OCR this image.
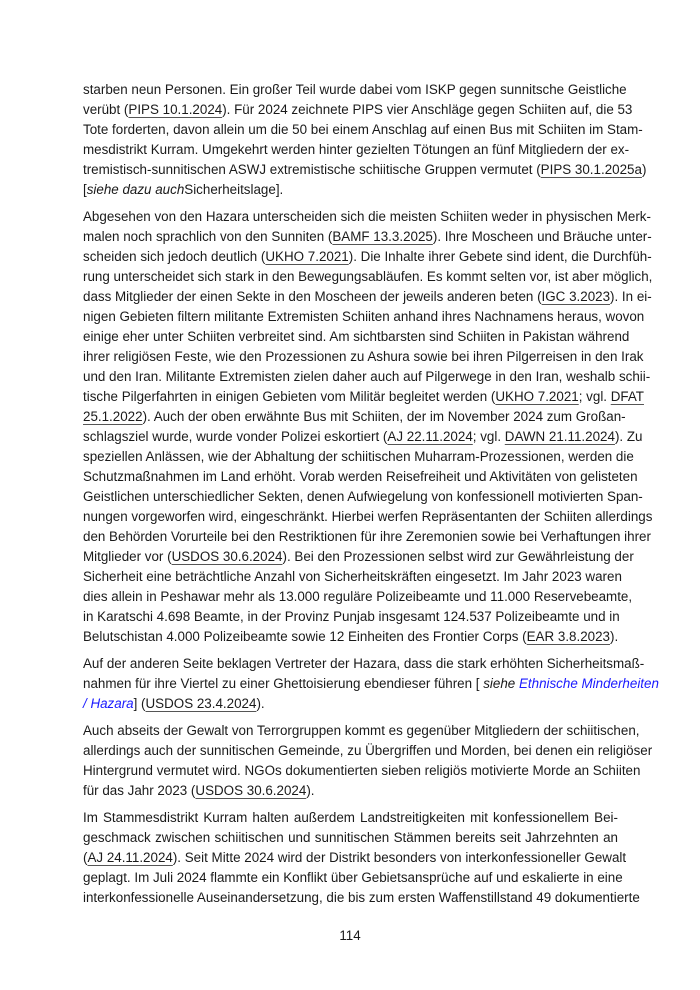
starben neun Personen. Ein großer Teil wurde dabei vom ISKP gegen sunnitsche Geistliche
verübt (PIPS 10.1.2024). Für 2024 zeichnete PIPS vier Anschläge gegen Schiiten auf, die 53
Tote forderten, davon allein um die 50 bei einem Anschlag auf einen Bus mit Schiiten im Stam-
mesdistrikt Kurram. Umgekehrt werden hinter gezielten Tötungen an fünf Mitgliedern der ex-
tremistisch-sunnitischen ASWJ extremistische schiitische Gruppen vermutet (PIPS 30.1.2025a)
[siehe dazu auchSicherheitslage].
Abgesehen von den Hazara unterscheiden sich die meisten Schiiten weder in physischen Merk-
malen noch sprachlich von den Sunniten (BAMF 13.3.2025). Ihre Moscheen und Bräuche unter-
scheiden sich jedoch deutlich (UKHO 7.2021). Die Inhalte ihrer Gebete sind ident, die Durchfüh-
rung unterscheidet sich stark in den Bewegungsabläufen. Es kommt selten vor, ist aber möglich,
dass Mitglieder der einen Sekte in den Moscheen der jeweils anderen beten (IGC 3.2023). In ei-
nigen Gebieten filtern militante Extremisten Schiiten anhand ihres Nachnamens heraus, wovon
einige eher unter Schiiten verbreitet sind. Am sichtbarsten sind Schiiten in Pakistan während
ihrer religiösen Feste, wie den Prozessionen zu Ashura sowie bei ihren Pilgerreisen in den Irak
und den Iran. Militante Extremisten zielen daher auch auf Pilgerwege in den Iran, weshalb schii-
tische Pilgerfahrten in einigen Gebieten vom Militär begleitet werden (UKHO 7.2021; vgl. DFAT
25.1.2022). Auch der oben erwähnte Bus mit Schiiten, der im November 2024 zum Großan-
schlagsziel wurde, wurde vonder Polizei eskortiert (AJ 22.11.2024; vgl. DAWN 21.11.2024). Zu
speziellen Anlässen, wie der Abhaltung der schiitischen Muharram-Prozessionen, werden die
Schutzmaßnahmen im Land erhöht. Vorab werden Reisefreiheit und Aktivitäten von gelisteten
Geistlichen unterschiedlicher Sekten, denen Aufwiegelung von konfessionell motivierten Span-
nungen vorgeworfen wird, eingeschränkt. Hierbei werfen Repräsentanten der Schiiten allerdings
den Behörden Vorurteile bei den Restriktionen für ihre Zeremonien sowie bei Verhaftungen ihrer
Mitglieder vor (USDOS 30.6.2024). Bei den Prozessionen selbst wird zur Gewährleistung der
Sicherheit eine beträchtliche Anzahl von Sicherheitskräften eingesetzt. Im Jahr 2023 waren
dies allein in Peshawar mehr als 13.000 reguläre Polizeibeamte und 11.000 Reservebeamte,
in Karatschi 4.698 Beamte, in der Provinz Punjab insgesamt 124.537 Polizeibeamte und in
Belutschistan 4.000 Polizeibeamte sowie 12 Einheiten des Frontier Corps (EAR 3.8.2023).
Auf der anderen Seite beklagen Vertreter der Hazara, dass die stark erhöhten Sicherheitsmaß-
nahmen für ihre Viertel zu einer Ghettoisierung ebendieser führen [ siehe Ethnische Minderheiten
/ Hazara] (USDOS 23.4.2024).
Auch abseits der Gewalt von Terrorgruppen kommt es gegenüber Mitgliedern der schiitischen,
allerdings auch der sunnitischen Gemeinde, zu Übergriffen und Morden, bei denen ein religiöser
Hintergrund vermutet wird. NGOs dokumentierten sieben religiös motivierte Morde an Schiiten
für das Jahr 2023 (USDOS 30.6.2024).
Im Stammesdistrikt Kurram halten außerdem Landstreitigkeiten mit konfessionellem Bei-
geschmack zwischen schiitischen und sunnitischen Stämmen bereits seit Jahrzehnten an
(AJ 24.11.2024). Seit Mitte 2024 wird der Distrikt besonders von interkonfessioneller Gewalt
geplagt. Im Juli 2024 flammte ein Konflikt über Gebietsansprüche auf und eskalierte in eine
interkonfessionelle Auseinandersetzung, die bis zum ersten Waffenstillstand 49 dokumentierte
114
